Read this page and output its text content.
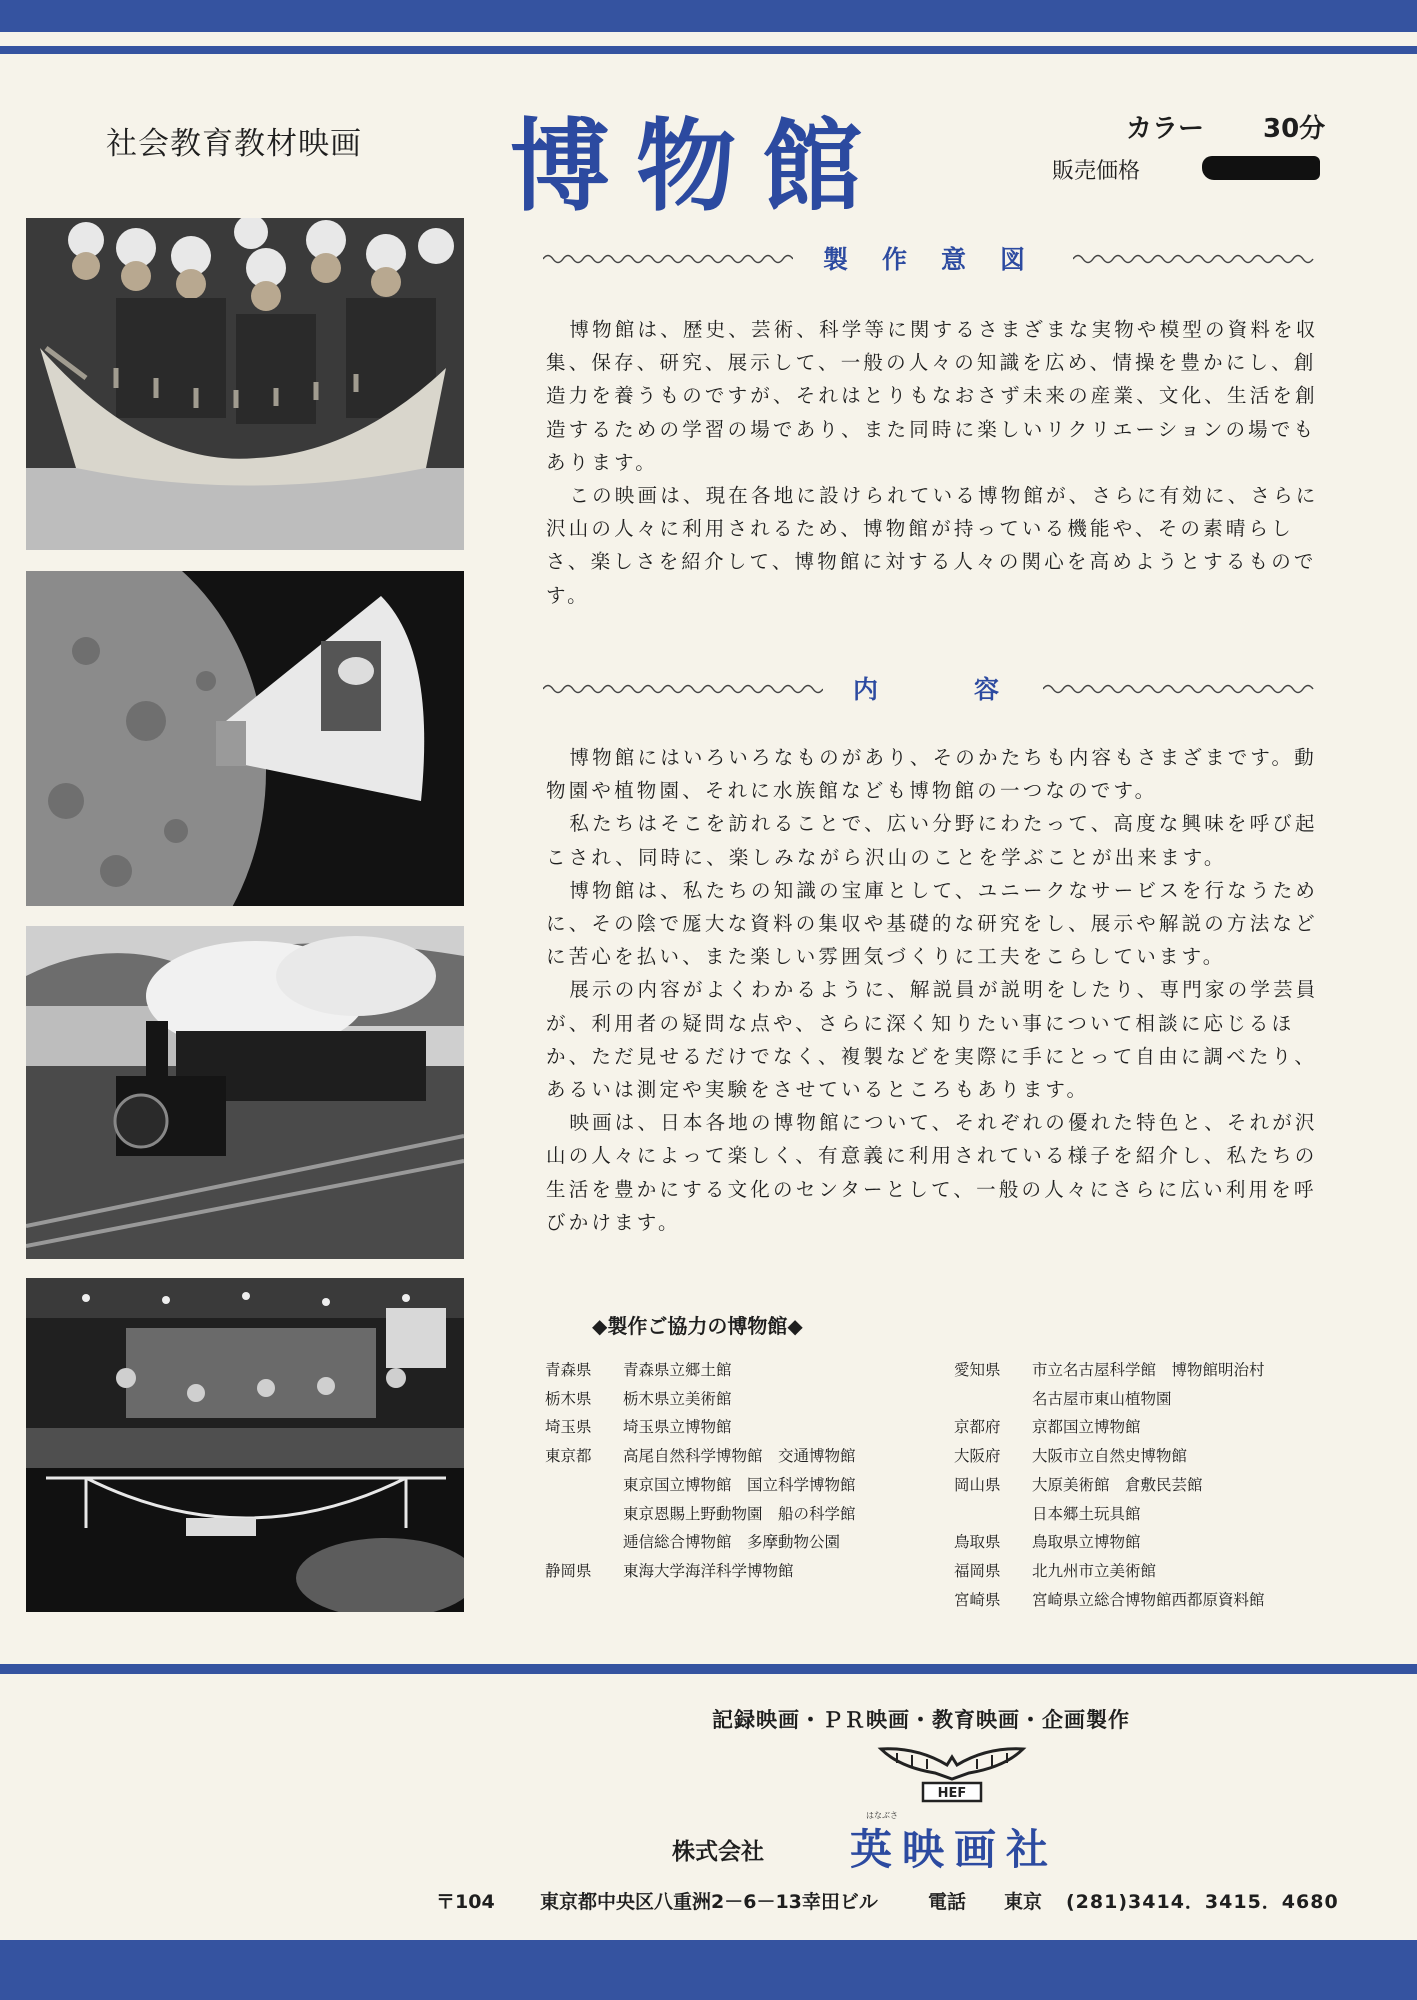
社会教育教材映画 博物館	カラー 30分
販売価格
製作意図

博物館は、歴史、芸術、科学等に関するさまざまな実物や模型の資料を収集、保存、研究、展示して、一般の人々の知識を広め、情操を豊かにし、創造力を養うものですが、それはとりもなおさず未来の産業、文化、生活を創造するための学習の場であり、また同時に楽しいリクリエーションの場でもあります。

この映画は、現在各地に設けられている博物館が、さらに有効に、さらに沢山の人々に利用されるため、博物館が持っている機能や、その素晴らしさ、楽しさを紹介して、博物館に対する人々の関心を高めようとするものです。

内容

博物館にはいろいろなものがあり、そのかたちも内容もさまざまです。動物園や植物園、それに水族館なども博物館の一つなのです。

私たちはそこを訪れることで、広い分野にわたって、高度な興味を呼び起こされ、同時に、楽しみながら沢山のことを学ぶことが出来ます。

博物館は、私たちの知識の宝庫として、ユニークなサービスを行なうために、その陰で厖大な資料の集収や基礎的な研究をし、展示や解説の方法などに苦心を払い、また楽しい雰囲気づくりに工夫をこらしています。

展示の内容がよくわかるように、解説員が説明をしたり、専門家の学芸員が、利用者の疑問な点や、さらに深く知りたい事について相談に応じるほか、ただ見せるだけでなく、複製などを実際に手にとって自由に調べたり、あるいは測定や実験をさせているところもあります。

映画は、日本各地の博物館について、それぞれの優れた特色と、それが沢山の人々によって楽しく、有意義に利用されている様子を紹介し、私たちの生活を豊かにする文化のセンターとして、一般の人々にさらに広い利用を呼びかけます。

◆製作ご協力の博物館◆
青森県	青森県立郷土館
栃木県	栃木県立美術館
埼玉県	埼玉県立博物館
東京都	高尾自然科学博物館　交通博物館
東京国立博物館　国立科学博物館
東京恩賜上野動物園　船の科学館
逓信総合博物館　多摩動物公園
静岡県	東海大学海洋科学博物館
愛知県	市立名古屋科学館　博物館明治村
名古屋市東山植物園
京都府	京都国立博物館
大阪府	大阪市立自然史博物館
岡山県	大原美術館　倉敷民芸館
日本郷土玩具館
鳥取県	鳥取県立博物館
福岡県	北九州市立美術館
宮崎県	宮崎県立総合博物館西都原資料館
記録映画・ＰＲ映画・教育映画・企画製作
HEF
株式会社
はなぶさ
英映画社
〒104 東京都中央区八重洲2－6－13幸田ビル	電話 東京 (281)3414．3415．4680
